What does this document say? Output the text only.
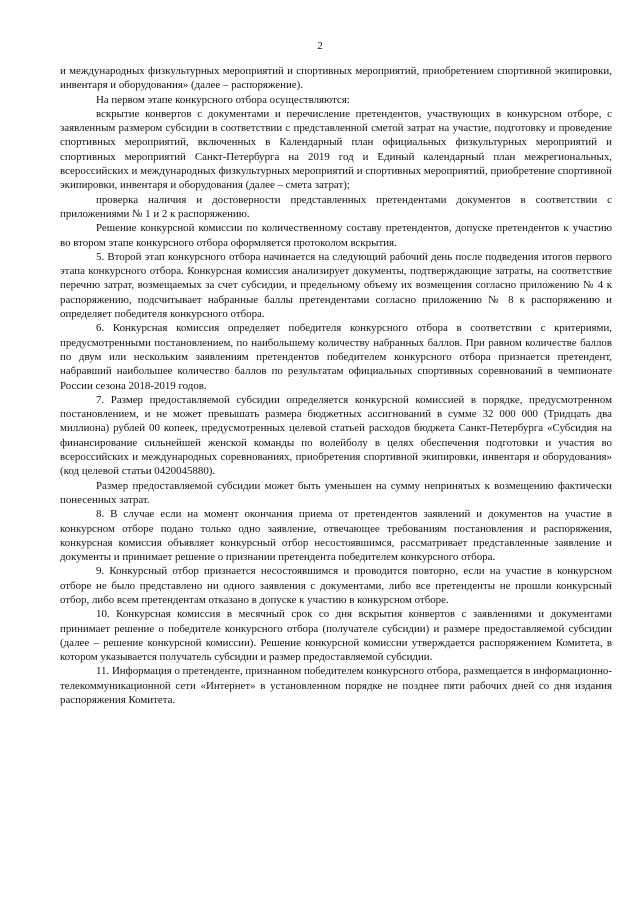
2

и международных физкультурных мероприятий и спортивных мероприятий, приобретением спортивной экипировки, инвентаря и оборудования» (далее – распоряжение).

На первом этапе конкурсного отбора осуществляются:

вскрытие конвертов с документами и перечисление претендентов, участвующих в конкурсном отборе, с заявленным размером субсидии в соответствии с представленной сметой затрат на участие, подготовку и проведение спортивных мероприятий, включенных в Календарный план официальных физкультурных мероприятий и спортивных мероприятий Санкт-Петербурга на 2019 год и Единый календарный план межрегиональных, всероссийских и международных физкультурных мероприятий и спортивных мероприятий, приобретение спортивной экипировки, инвентаря и оборудования (далее – смета затрат);

проверка наличия и достоверности представленных претендентами документов в соответствии с приложениями № 1 и 2 к распоряжению.

Решение конкурсной комиссии по количественному составу претендентов, допуске претендентов к участию во втором этапе конкурсного отбора оформляется протоколом вскрытия.

5. Второй этап конкурсного отбора начинается на следующий рабочий день после подведения итогов первого этапа конкурсного отбора. Конкурсная комиссия анализирует документы, подтверждающие затраты, на соответствие перечню затрат, возмещаемых за счет субсидии, и предельному объему их возмещения согласно приложению № 4 к распоряжению, подсчитывает набранные баллы претендентами согласно приложению № 8 к распоряжению и определяет победителя конкурсного отбора.

6. Конкурсная комиссия определяет победителя конкурсного отбора в соответствии с критериями, предусмотренными постановлением, по наибольшему количеству набранных баллов. При равном количестве баллов по двум или нескольким заявлениям претендентов победителем конкурсного отбора признается претендент, набравший наибольшее количество баллов по результатам официальных спортивных соревнований в чемпионате России сезона 2018-2019 годов.

7. Размер предоставляемой субсидии определяется конкурсной комиссией в порядке, предусмотренном постановлением, и не может превышать размера бюджетных ассигнований в сумме 32 000 000 (Тридцать два миллиона) рублей 00 копеек, предусмотренных целевой статьей расходов бюджета Санкт-Петербурга «Субсидия на финансирование сильнейшей женской команды по волейболу в целях обеспечения подготовки и участия во всероссийских и международных соревнованиях, приобретения спортивной экипировки, инвентаря и оборудования» (код целевой статьи 0420045880).

Размер предоставляемой субсидии может быть уменьшен на сумму непринятых к возмещению фактически понесенных затрат.

8. В случае если на момент окончания приема от претендентов заявлений и документов на участие в конкурсном отборе подано только одно заявление, отвечающее требованиям постановления и распоряжения, конкурсная комиссия объявляет конкурсный отбор несостоявшимся, рассматривает представленные заявление и документы и принимает решение о признании претендента победителем конкурсного отбора.

9. Конкурсный отбор признается несостоявшимся и проводится повторно, если на участие в конкурсном отборе не было представлено ни одного заявления с документами, либо все претенденты не прошли конкурсный отбор, либо всем претендентам отказано в допуске к участию в конкурсном отборе.

10. Конкурсная комиссия в месячный срок со дня вскрытия конвертов с заявлениями и документами принимает решение о победителе конкурсного отбора (получателе субсидии) и размере предоставляемой субсидии (далее – решение конкурсной комиссии). Решение конкурсной комиссии утверждается распоряжением Комитета, в котором указывается получатель субсидии и размер предоставляемой субсидии.

11. Информация о претенденте, признанном победителем конкурсного отбора, размещается в информационно-телекоммуникационной сети «Интернет» в установленном порядке не позднее пяти рабочих дней со дня издания распоряжения Комитета.
